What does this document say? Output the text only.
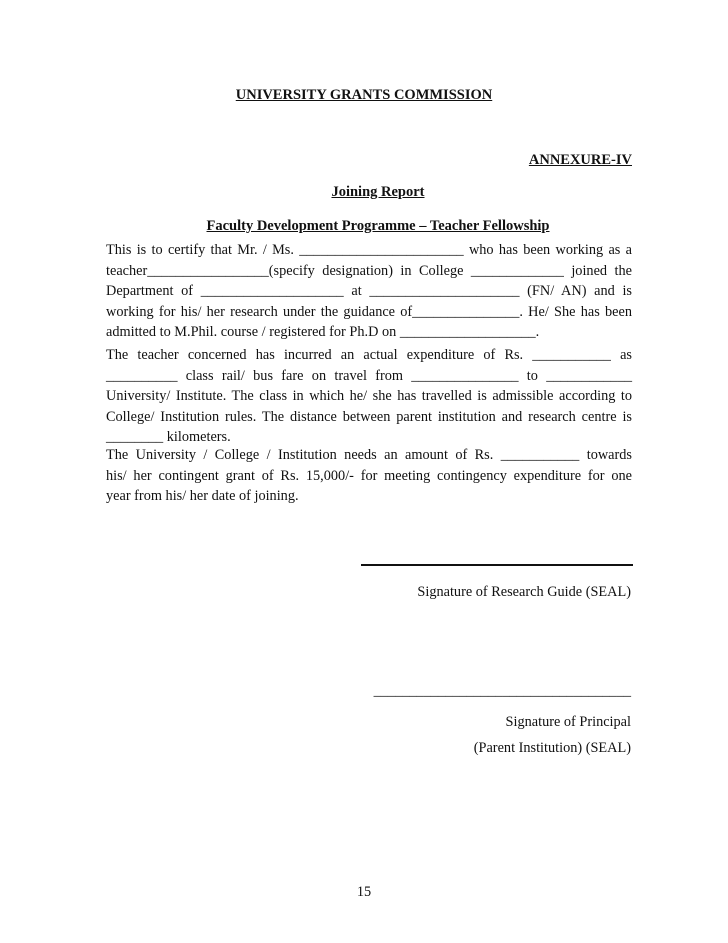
UNIVERSITY GRANTS COMMISSION
ANNEXURE-IV
Joining Report
Faculty Development Programme – Teacher Fellowship
This is to certify that Mr. / Ms. _______________________ who has been working as a
teacher_________________(specify designation) in College _____________ joined the
Department of ____________________ at _____________________ (FN/ AN) and is
working for his/ her research under the guidance of_______________. He/ She has been
admitted to M.Phil. course / registered for Ph.D on ___________________.
The teacher concerned has incurred an actual expenditure of Rs. ___________ as
__________ class rail/ bus fare on travel from _______________ to ____________
University/ Institute. The class in which he/ she has travelled is admissible according to
College/ Institution rules. The distance between parent institution and research centre is
________ kilometers.
The University / College / Institution needs an amount of Rs. ___________ towards
his/ her contingent grant of Rs. 15,000/- for meeting contingency expenditure for one
year from his/ her date of joining.
Signature of Research Guide (SEAL)
____________________________________
Signature of Principal
(Parent Institution) (SEAL)
15
